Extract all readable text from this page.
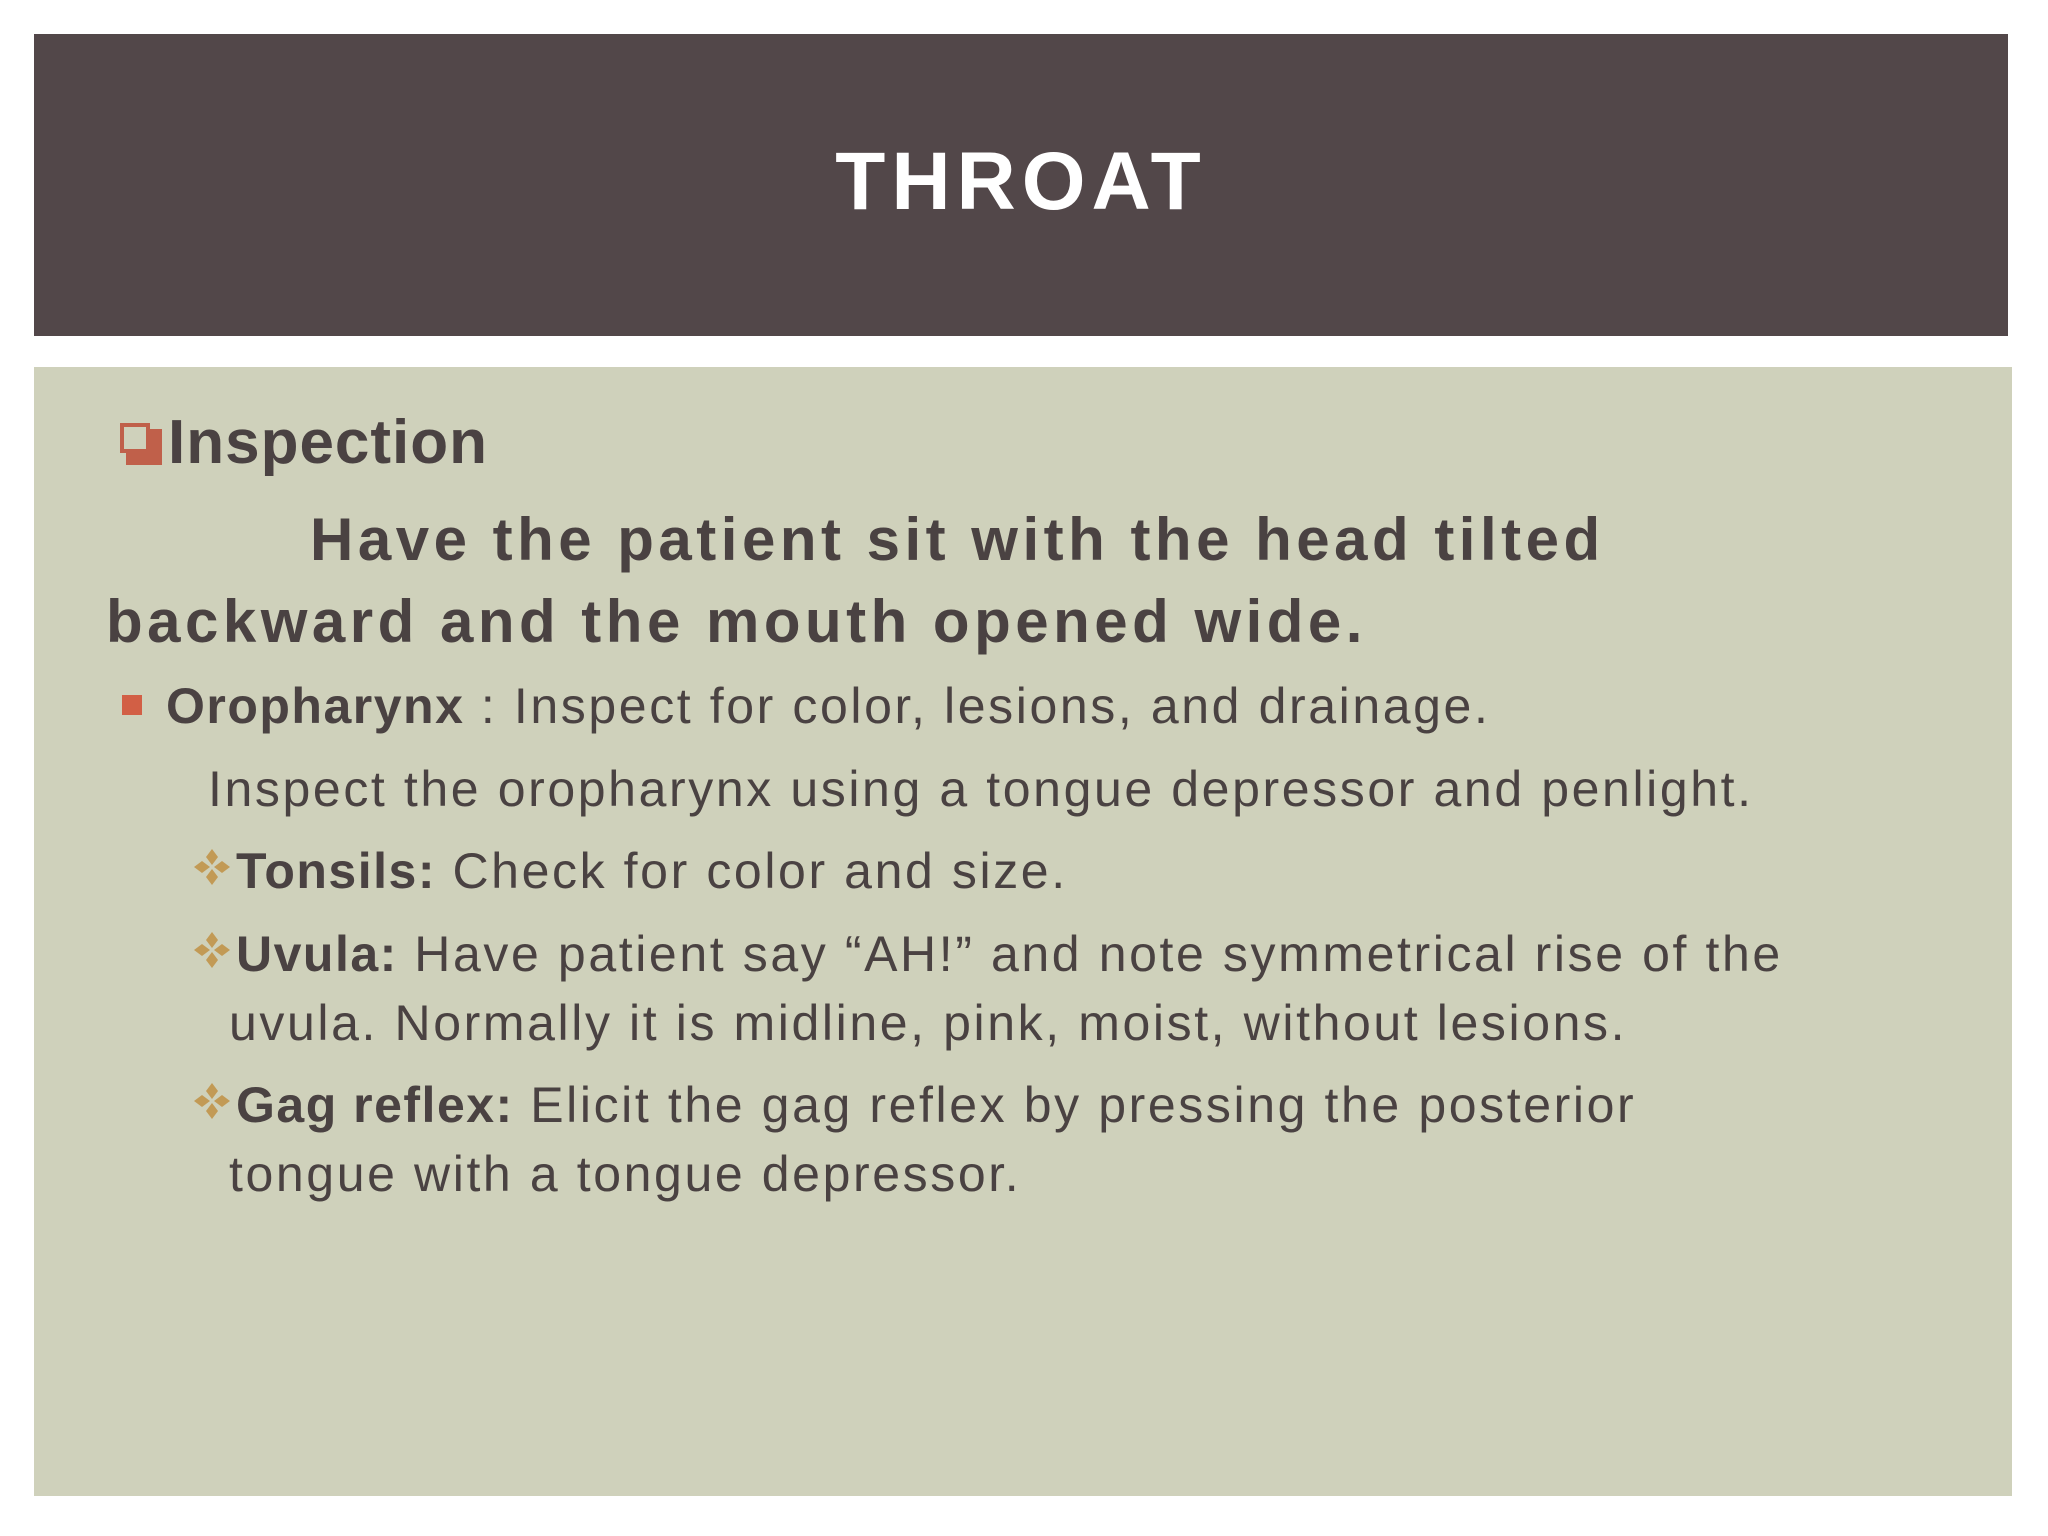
THROAT
Inspection
Have the patient sit with the head tilted
backward and the mouth opened wide.
Oropharynx : Inspect for color, lesions, and drainage.
Inspect the oropharynx using a tongue depressor and penlight.
Tonsils: Check for color and size.
Uvula: Have patient say “AH!” and note symmetrical rise of the
uvula. Normally it is midline, pink, moist, without lesions.
Gag reflex: Elicit the gag reflex by pressing the posterior
tongue with a tongue depressor.
